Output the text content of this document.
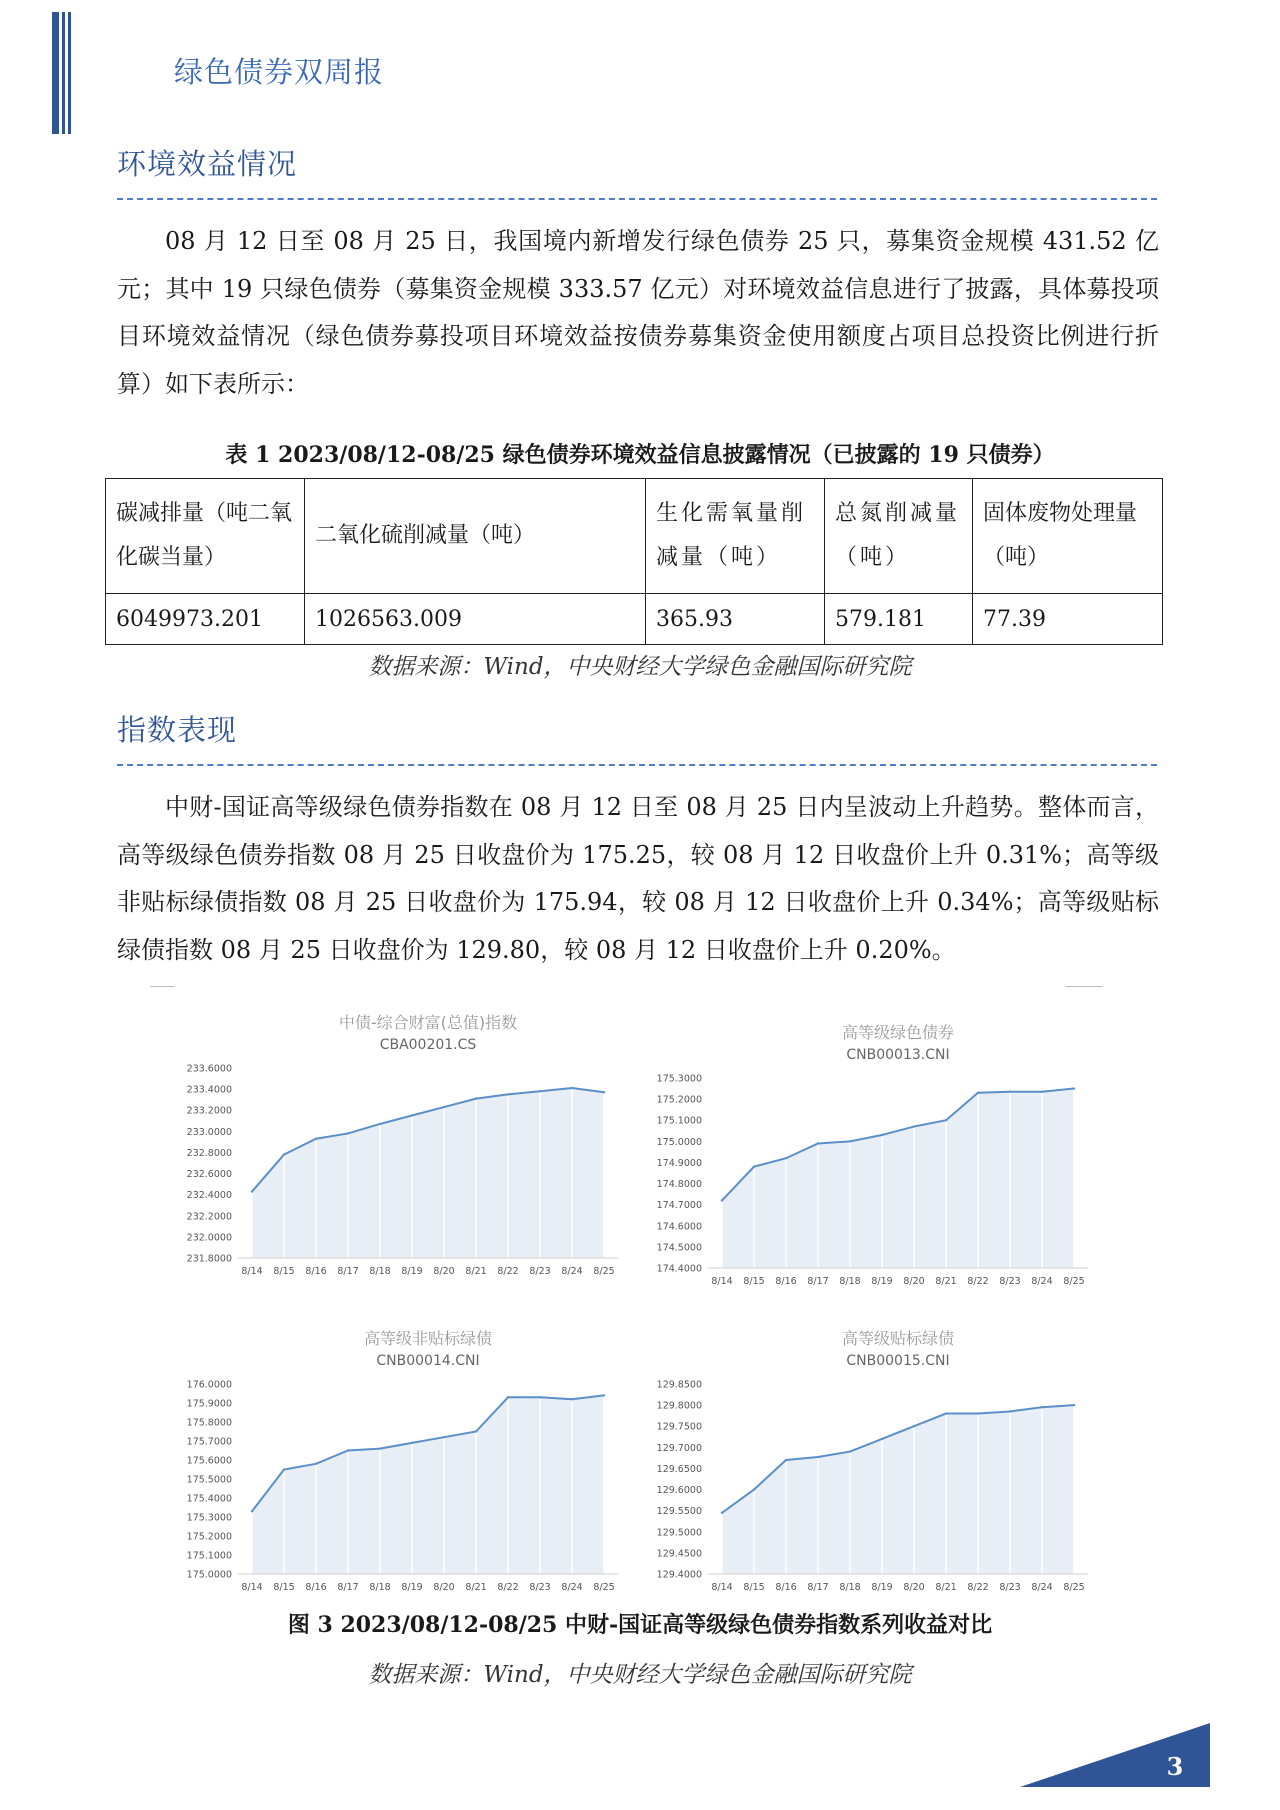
绿色债券双周报
环境效益情况
08 月 12 日至 08 月 25 日，我国境内新增发行绿色债券 25 只，募集资金规模 431.52 亿元；其中 19 只绿色债券（募集资金规模 333.57 亿元）对环境效益信息进行了披露，具体募投项目环境效益情况（绿色债券募投项目环境效益按债券募集资金使用额度占项目总投资比例进行折算）如下表所示：
表 1 2023/08/12-08/25 绿色债券环境效益信息披露情况（已披露的 19 只债券）
碳减排量（吨二氧化碳当量）	二氧化硫削减量（吨）	生化需氧量削减量（吨）	总氮削减量（吨）	固体废物处理量（吨）
6049973.201	1026563.009	365.93	579.181	77.39
数据来源：Wind，中央财经大学绿色金融国际研究院
指数表现
中财-国证高等级绿色债券指数在 08 月 12 日至 08 月 25 日内呈波动上升趋势。整体而言，高等级绿色债券指数 08 月 25 日收盘价为 175.25，较 08 月 12 日收盘价上升 0.31%；高等级非贴标绿债指数 08 月 25 日收盘价为 175.94，较 08 月 12 日收盘价上升 0.34%；高等级贴标绿债指数 08 月 25 日收盘价为 129.80，较 08 月 12 日收盘价上升 0.20%。
中债-综合财富(总值)指数
CBA00201.CS
231.8000
232.0000
232.2000
232.4000
232.6000
232.8000
233.0000
233.2000
233.4000
233.6000
8/14 8/15 8/16 8/17 8/18 8/19 8/20 8/21 8/22 8/23 8/24 8/25
高等级绿色债券
CNB00013.CNI
174.4000
174.5000
174.6000
174.7000
174.8000
174.9000
175.0000
175.1000
175.2000
175.3000
8/14 8/15 8/16 8/17 8/18 8/19 8/20 8/21 8/22 8/23 8/24 8/25
高等级非贴标绿债
CNB00014.CNI
175.0000
175.1000
175.2000
175.3000
175.4000
175.5000
175.6000
175.7000
175.8000
175.9000
176.0000
8/14 8/15 8/16 8/17 8/18 8/19 8/20 8/21 8/22 8/23 8/24 8/25
高等级贴标绿债
CNB00015.CNI
129.4000
129.4500
129.5000
129.5500
129.6000
129.6500
129.7000
129.7500
129.8000
129.8500
8/14 8/15 8/16 8/17 8/18 8/19 8/20 8/21 8/22 8/23 8/24 8/25
图 3 2023/08/12-08/25 中财-国证高等级绿色债券指数系列收益对比
数据来源：Wind，中央财经大学绿色金融国际研究院
3
